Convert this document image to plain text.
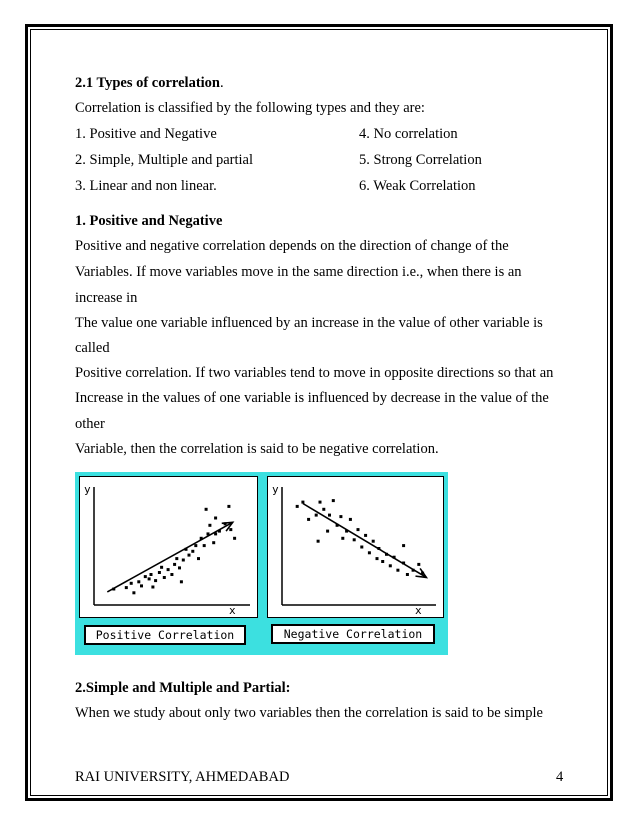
2.1 Types of correlation.
Correlation is classified by the following types and they are:
1. Positive and Negative
2. Simple, Multiple and partial
3. Linear and non linear.
4. No correlation
5. Strong Correlation
6. Weak Correlation
1. Positive and Negative
Positive and negative correlation depends on the direction of change of the
Variables. If move variables move in the same direction i.e., when there is an
increase in
The value one variable influenced by an increase in the value of other variable is
called
Positive correlation. If two variables tend to move in opposite directions so that an
Increase in the values of one variable is influenced by decrease in the value of the
other
Variable, then the correlation is said to be negative correlation.
y
x
y
x
Positive Correlation	Negative Correlation
2.Simple and Multiple and Partial:
When we study about only two variables then the correlation is said to be simple
RAI UNIVERSITY, AHMEDABAD	4
